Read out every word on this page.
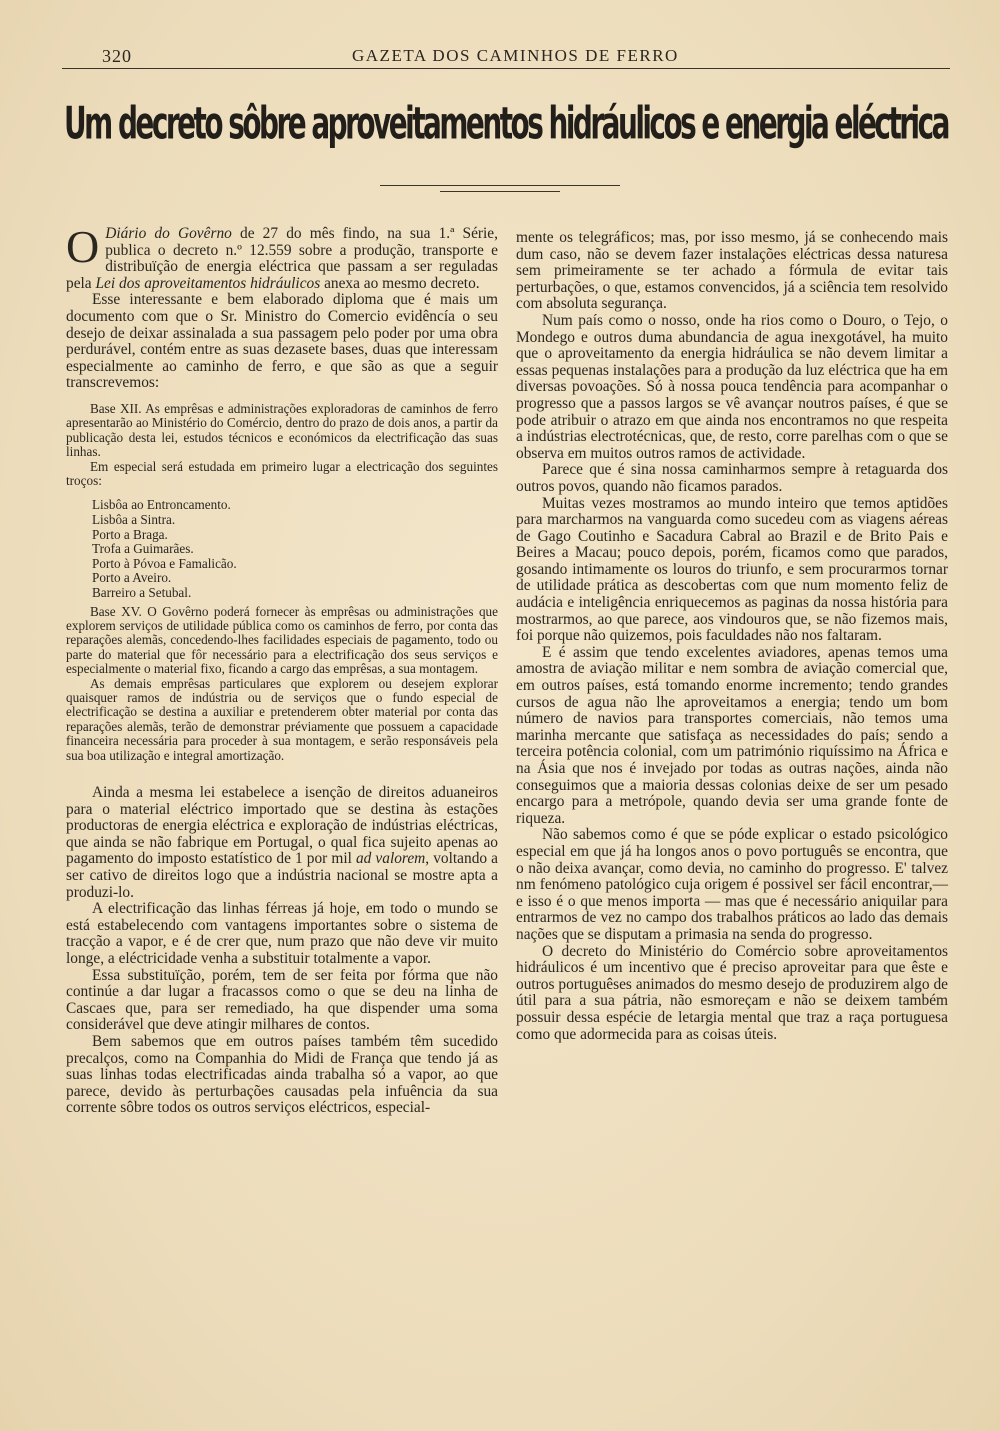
320	GAZETA DOS CAMINHOS DE FERRO
Um decreto sôbre aproveitamentos hidráulicos e energia eléctrica

O Diário do Govêrno de 27 do mês findo, na sua 1.ª Série, publica o decreto n.º 12.559 sobre a produção, transporte e distribuïção de energia eléctrica que passam a ser reguladas pela Lei dos aproveitamentos hidráulicos anexa ao mesmo decreto.

Esse interessante e bem elaborado diploma que é mais um documento com que o Sr. Ministro do Comercio evidêncía o seu desejo de deixar assinalada a sua passagem pelo poder por uma obra perdurável, contém entre as suas dezasete bases, duas que interessam especialmente ao caminho de ferro, e que são as que a seguir transcrevemos:

Base XII. As emprêsas e administrações exploradoras de caminhos de ferro apresentarão ao Ministério do Comércio, dentro do prazo de dois anos, a partir da publicação desta lei, estudos técnicos e económicos da electrificação das suas linhas.

Em especial será estudada em primeiro lugar a electricação dos seguintes troços:

Lisbôa ao Entroncamento.
Lisbôa a Sintra.
Porto a Braga.
Trofa a Guimarães.
Porto à Póvoa e Famalicão.
Porto a Aveiro.
Barreiro a Setubal.

Base XV. O Govêrno poderá fornecer às emprêsas ou administrações que explorem serviços de utilidade pública como os caminhos de ferro, por conta das reparações alemãs, concedendo-lhes facilidades especiais de pagamento, todo ou parte do material que fôr necessário para a electrificação dos seus serviços e especialmente o material fixo, ficando a cargo das emprêsas, a sua montagem.

As demais emprêsas particulares que explorem ou desejem explorar quaisquer ramos de indústria ou de serviços que o fundo especial de electrificação se destina a auxiliar e pretenderem obter material por conta das reparações alemãs, terão de demonstrar préviamente que possuem a capacidade financeira necessária para proceder à sua montagem, e serão responsáveis pela sua boa utilização e integral amortização.

Ainda a mesma lei estabelece a isenção de direitos aduaneiros para o material eléctrico importado que se destina às estações productoras de energia eléctrica e exploração de indústrias eléctricas, que ainda se não fabrique em Portugal, o qual fica sujeito apenas ao pagamento do imposto estatístico de 1 por mil ad valorem, voltando a ser cativo de direitos logo que a indústria nacional se mostre apta a produzi-lo.

A electrificação das linhas férreas já hoje, em todo o mundo se está estabelecendo com vantagens importantes sobre o sistema de tracção a vapor, e é de crer que, num prazo que não deve vir muito longe, a eléctricidade venha a substituir totalmente a vapor.

Essa substituïção, porém, tem de ser feita por fórma que não continúe a dar lugar a fracassos como o que se deu na linha de Cascaes que, para ser remediado, ha que dispender uma soma considerável que deve atingir milhares de contos.

Bem sabemos que em outros países também têm sucedido precalços, como na Companhia do Midi de França que tendo já as suas linhas todas electrificadas ainda trabalha só a vapor, ao que parece, devido às perturbações causadas pela infuência da sua corrente sôbre todos os outros serviços eléctricos, especial-

mente os telegráficos; mas, por isso mesmo, já se conhecendo mais dum caso, não se devem fazer instalações eléctricas dessa naturesa sem primeiramente se ter achado a fórmula de evitar tais perturbações, o que, estamos convencidos, já a sciência tem resolvido com absoluta segurança.

Num país como o nosso, onde ha rios como o Douro, o Tejo, o Mondego e outros duma abundancia de agua inexgotável, ha muito que o aproveitamento da energia hidráulica se não devem limitar a essas pequenas instalações para a produção da luz eléctrica que ha em diversas povoações. Só à nossa pouca tendência para acompanhar o progresso que a passos largos se vê avançar noutros países, é que se pode atribuir o atrazo em que ainda nos encontramos no que respeita a indústrias electrotécnicas, que, de resto, corre parelhas com o que se observa em muitos outros ramos de actividade.

Parece que é sina nossa caminharmos sempre à retaguarda dos outros povos, quando não ficamos parados.

Muitas vezes mostramos ao mundo inteiro que temos aptidões para marcharmos na vanguarda como sucedeu com as viagens aéreas de Gago Coutinho e Sacadura Cabral ao Brazil e de Brito Pais e Beires a Macau; pouco depois, porém, ficamos como que parados, gosando intimamente os louros do triunfo, e sem procurarmos tornar de utilidade prática as descobertas com que num momento feliz de audácia e inteligência enriquecemos as paginas da nossa história para mostrarmos, ao que parece, aos vindouros que, se não fizemos mais, foi porque não quizemos, pois faculdades não nos faltaram.

E é assim que tendo excelentes aviadores, apenas temos uma amostra de aviação militar e nem sombra de aviação comercial que, em outros países, está tomando enorme incremento; tendo grandes cursos de agua não lhe aproveitamos a energia; tendo um bom número de navios para transportes comerciais, não temos uma marinha mercante que satisfaça as necessidades do país; sendo a terceira potência colonial, com um património riquíssimo na África e na Ásia que nos é invejado por todas as outras nações, ainda não conseguimos que a maioria dessas colonias deixe de ser um pesado encargo para a metrópole, quando devia ser uma grande fonte de riqueza.

Não sabemos como é que se póde explicar o estado psicológico especial em que já ha longos anos o povo português se encontra, que o não deixa avançar, como devia, no caminho do progresso. E' talvez nm fenómeno patológico cuja origem é possivel ser fácil encontrar,—e isso é o que menos importa — mas que é necessário aniquilar para entrarmos de vez no campo dos trabalhos práticos ao lado das demais nações que se disputam a primasia na senda do progresso.

O decreto do Ministério do Comércio sobre aproveitamentos hidráulicos é um incentivo que é preciso aproveitar para que êste e outros portuguêses animados do mesmo desejo de produzirem algo de útil para a sua pátria, não esmoreçam e não se deixem também possuir dessa espécie de letargia mental que traz a raça portuguesa como que adormecida para as coisas úteis.
